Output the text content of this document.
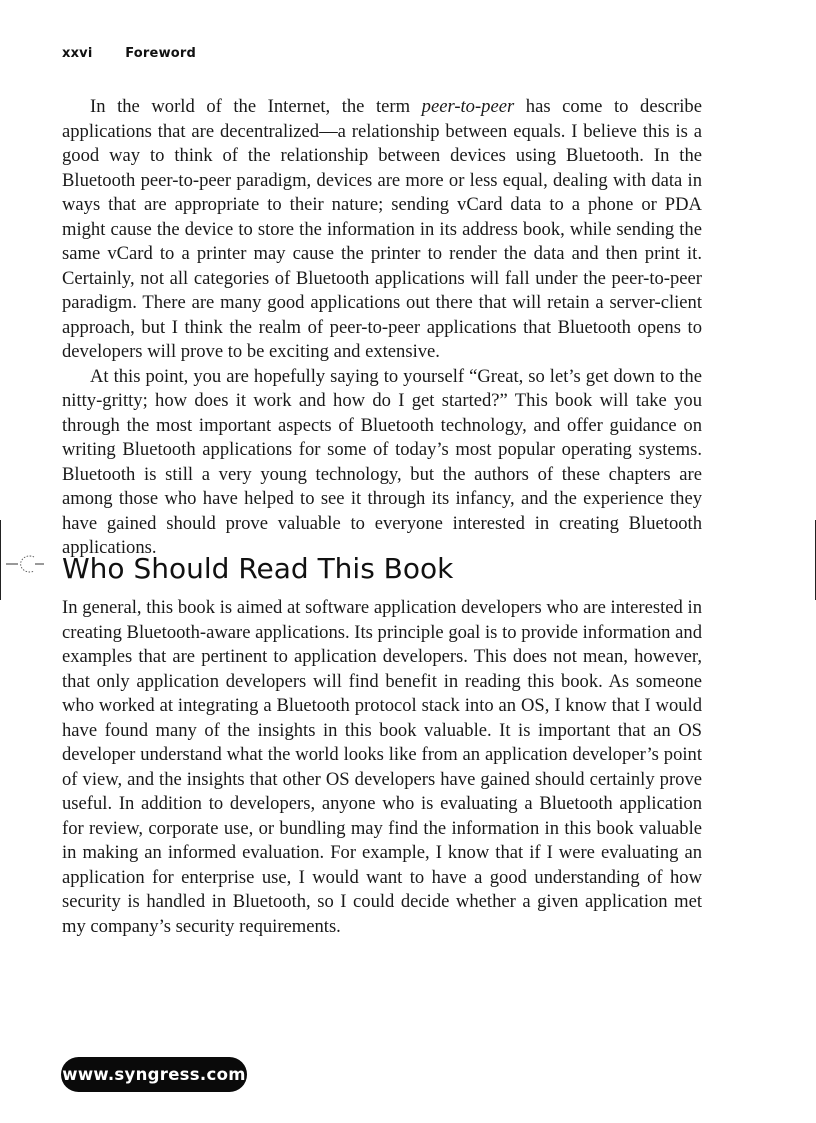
xxvi	Foreword

In the world of the Internet, the term peer-to-peer has come to describe applications that are decentralized—a relationship between equals. I believe this is a good way to think of the relationship between devices using Bluetooth. In the Bluetooth peer-to-peer paradigm, devices are more or less equal, dealing with data in ways that are appropriate to their nature; sending vCard data to a phone or PDA might cause the device to store the information in its address book, while sending the same vCard to a printer may cause the printer to render the data and then print it. Certainly, not all categories of Bluetooth applications will fall under the peer-to-peer paradigm. There are many good applications out there that will retain a server-client approach, but I think the realm of peer-to-peer applications that Bluetooth opens to developers will prove to be exciting and extensive.

At this point, you are hopefully saying to yourself “Great, so let’s get down to the nitty-gritty; how does it work and how do I get started?” This book will take you through the most important aspects of Bluetooth technology, and offer guidance on writing Bluetooth applications for some of today’s most popular operating systems. Bluetooth is still a very young technology, but the authors of these chapters are among those who have helped to see it through its infancy, and the experience they have gained should prove valuable to everyone interested in creating Bluetooth applications.

Who Should Read This Book

In general, this book is aimed at software application developers who are interested in creating Bluetooth-aware applications. Its principle goal is to provide information and examples that are pertinent to application developers. This does not mean, however, that only application developers will find benefit in reading this book. As someone who worked at integrating a Bluetooth protocol stack into an OS, I know that I would have found many of the insights in this book valuable. It is important that an OS developer understand what the world looks like from an application developer’s point of view, and the insights that other OS developers have gained should certainly prove useful. In addition to developers, anyone who is evaluating a Bluetooth application for review, corporate use, or bundling may find the information in this book valuable in making an informed evaluation. For example, I know that if I were evaluating an application for enterprise use, I would want to have a good understanding of how security is handled in Bluetooth, so I could decide whether a given application met my company’s security requirements.

www.syngress.com
